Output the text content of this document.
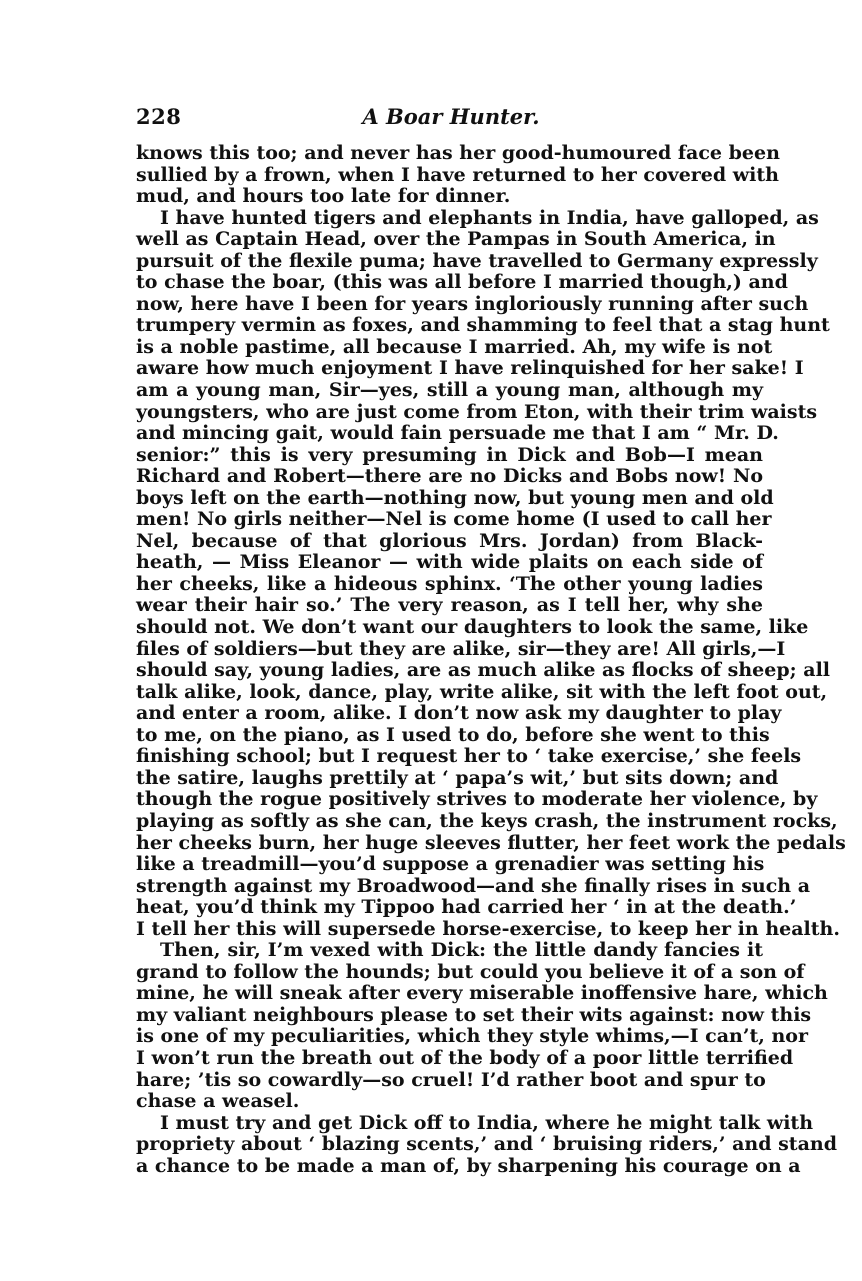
228	A Boar Hunter.
knows this too; and never has her good-humoured face been
sullied by a frown, when I have returned to her covered with
mud, and hours too late for dinner.
I have hunted tigers and elephants in India, have galloped, as
well as Captain Head, over the Pampas in South America, in
pursuit of the flexile puma; have travelled to Germany expressly
to chase the boar, (this was all before I married though,) and
now, here have I been for years ingloriously running after such
trumpery vermin as foxes, and shamming to feel that a stag hunt
is a noble pastime, all because I married. Ah, my wife is not
aware how much enjoyment I have relinquished for her sake! I
am a young man, Sir—yes, still a young man, although my
youngsters, who are just come from Eton, with their trim waists
and mincing gait, would fain persuade me that I am “ Mr. D.
senior:” this is very presuming in Dick and Bob—I mean
Richard and Robert—there are no Dicks and Bobs now! No
boys left on the earth—nothing now, but young men and old
men! No girls neither—Nel is come home (I used to call her
Nel, because of that glorious Mrs. Jordan) from Black-
heath, — Miss Eleanor — with wide plaits on each side of
her cheeks, like a hideous sphinx. ‘The other young ladies
wear their hair so.’ The very reason, as I tell her, why she
should not. We don’t want our daughters to look the same, like
files of soldiers—but they are alike, sir—they are! All girls,—I
should say, young ladies, are as much alike as flocks of sheep; all
talk alike, look, dance, play, write alike, sit with the left foot out,
and enter a room, alike. I don’t now ask my daughter to play
to me, on the piano, as I used to do, before she went to this
finishing school; but I request her to ‘ take exercise,’ she feels
the satire, laughs prettily at ‘ papa’s wit,’ but sits down; and
though the rogue positively strives to moderate her violence, by
playing as softly as she can, the keys crash, the instrument rocks,
her cheeks burn, her huge sleeves flutter, her feet work the pedals
like a treadmill—you’d suppose a grenadier was setting his
strength against my Broadwood—and she finally rises in such a
heat, you’d think my Tippoo had carried her ‘ in at the death.’
I tell her this will supersede horse-exercise, to keep her in health.
Then, sir, I’m vexed with Dick: the little dandy fancies it
grand to follow the hounds; but could you believe it of a son of
mine, he will sneak after every miserable inoffensive hare, which
my valiant neighbours please to set their wits against: now this
is one of my peculiarities, which they style whims,—I can’t, nor
I won’t run the breath out of the body of a poor little terrified
hare; ’tis so cowardly—so cruel! I’d rather boot and spur to
chase a weasel.
I must try and get Dick off to India, where he might talk with
propriety about ‘ blazing scents,’ and ‘ bruising riders,’ and stand
a chance to be made a man of, by sharpening his courage on a
